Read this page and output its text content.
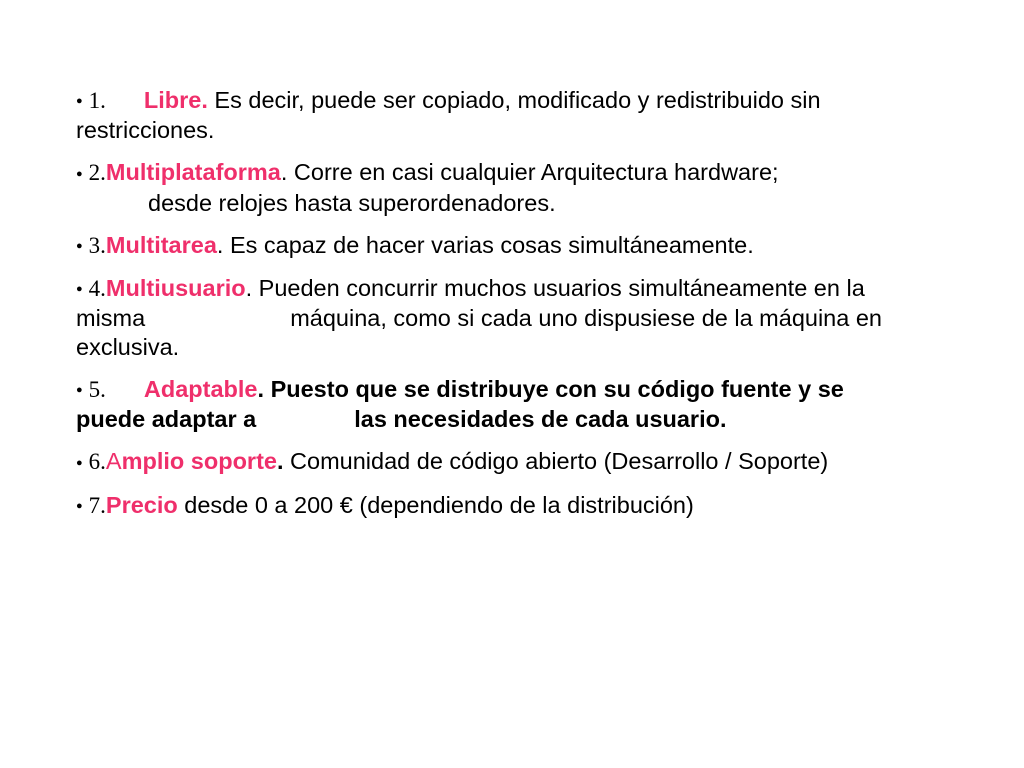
● 1. Libre. Es decir, puede ser copiado, modificado y redistribuido sin
restricciones.
● 2.Multiplataforma. Corre en casi cualquier Arquitectura hardware;
desde relojes hasta superordenadores.
● 3.Multitarea. Es capaz de hacer varias cosas simultáneamente.
● 4.Multiusuario. Pueden concurrir muchos usuarios simultáneamente en la
misma	máquina, como si cada uno dispusiese de la máquina en
exclusiva.
● 5. Adaptable. Puesto que se distribuye con su código fuente y se
puede adaptar a	las necesidades de cada usuario.
● 6.Amplio soporte. Comunidad de código abierto (Desarrollo / Soporte)
● 7.Precio desde 0 a 200 € (dependiendo de la distribución)
